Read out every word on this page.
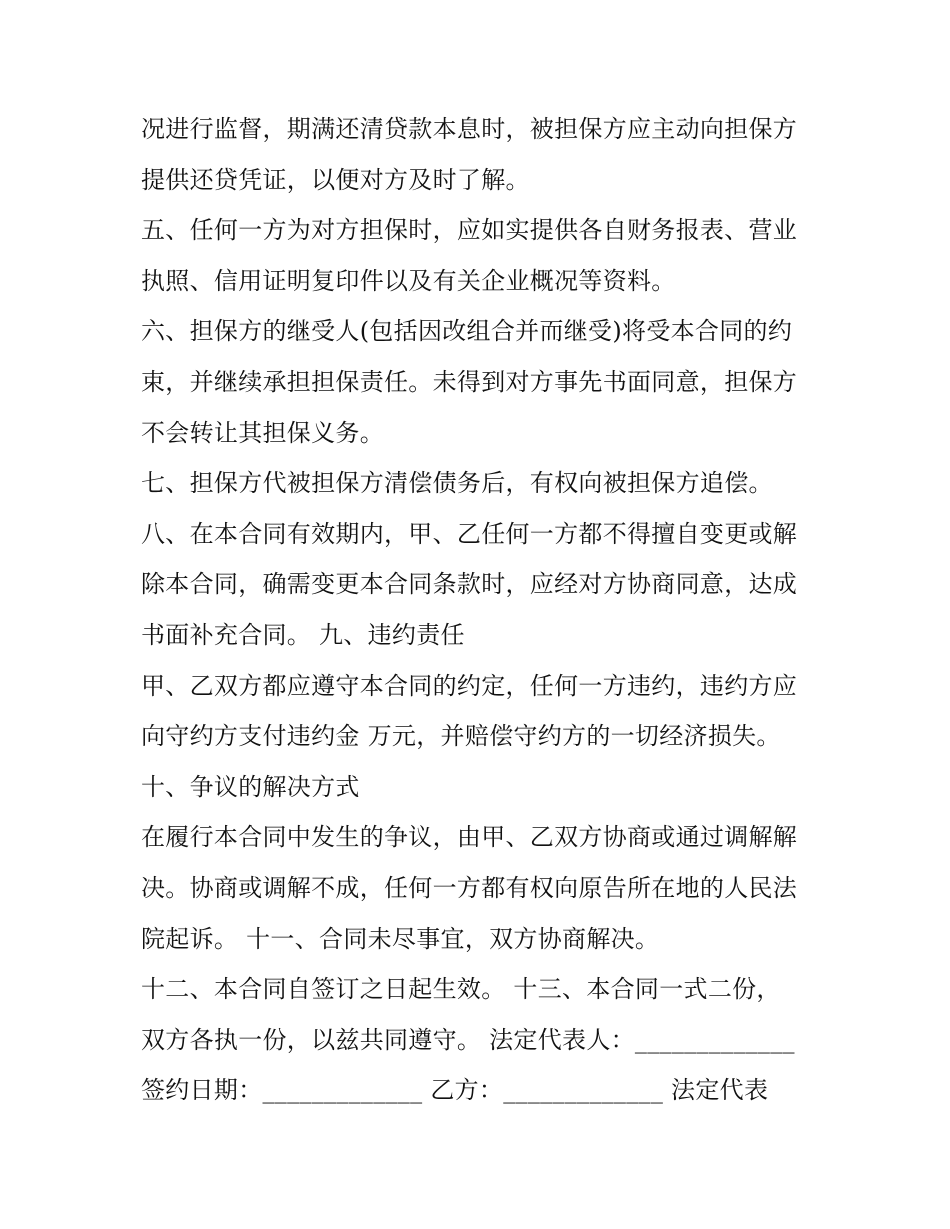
况进行监督，期满还清贷款本息时，被担保方应主动向担保方
提供还贷凭证，以便对方及时了解。
五、任何一方为对方担保时，应如实提供各自财务报表、营业
执照、信用证明复印件以及有关企业概况等资料。
六、担保方的继受人(包括因改组合并而继受)将受本合同的约
束，并继续承担担保责任。未得到对方事先书面同意，担保方
不会转让其担保义务。
七、担保方代被担保方清偿债务后，有权向被担保方追偿。
八、在本合同有效期内，甲、乙任何一方都不得擅自变更或解
除本合同，确需变更本合同条款时，应经对方协商同意，达成
书面补充合同。 九、违约责任
甲、乙双方都应遵守本合同的约定，任何一方违约，违约方应
向守约方支付违约金 万元，并赔偿守约方的一切经济损失。
十、争议的解决方式
在履行本合同中发生的争议，由甲、乙双方协商或通过调解解
决。协商或调解不成，任何一方都有权向原告所在地的人民法
院起诉。 十一、合同未尽事宜，双方协商解决。
十二、本合同自签订之日起生效。 十三、本合同一式二份，
双方各执一份，以兹共同遵守。 法定代表人：_____________
签约日期：_____________ 乙方：_____________ 法定代表
